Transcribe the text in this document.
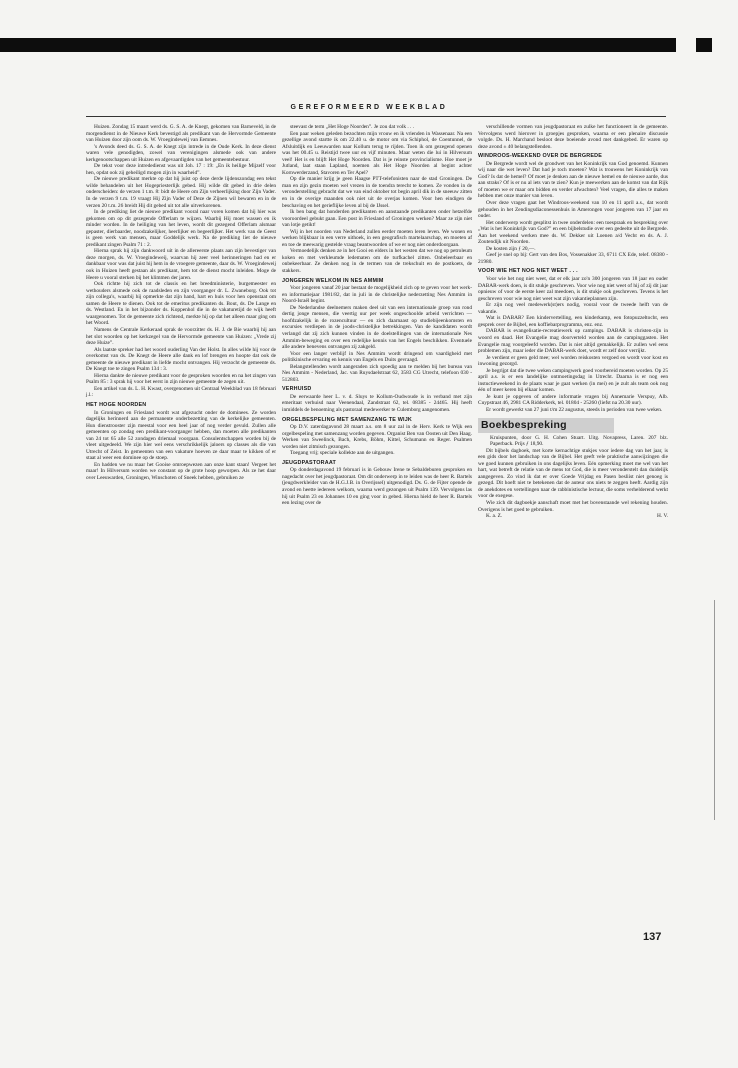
GEREFORMEERD WEEKBLAD

Huizen. Zondag 15 maart werd ds. G. S. A. de Knegt, gekomen van Barneveld, in de morgendienst in de Nieuwe Kerk bevestigd als predikant van de Hervormde Gemeente van Huizen door zijn oom ds. W. Vroegindeweij van Eemnes.

's Avonds deed ds. G. S. A. de Knegt zijn intrede in de Oude Kerk. In deze dienst waren vele genodigden, zowel van verenigingen alsmede ook van andere kerkgenootschappen uit Huizen en afgevaardigden van het gemeentebestuur.

De tekst voor deze intrededienst was uit Joh. 17 : 19: „En ik heilige Mijzelf voor hen, opdat ook zij geheiligd mogen zijn in waarheid”.

De nieuwe predikant merkte op dat hij juist op deze derde lijdenszondag een tekst wilde behandelen uit het Hogepriesterlijk gebed. Hij wilde dit gebed in drie delen onderscheiden: de verzen 1 t.m. 8: bidt de Heere om Zijn verheerlijking door Zijn Vader. In de verzen 9 t.m. 19 vraagt Hij Zijn Vader of Deze de Zijnen wil bewaren en in de verzen 20 t.m. 26 breidt Hij dit gebed uit tot alle uitverkorenen.

In de prediking liet de nieuwe predikant vooral naar voren komen dat hij hier was gekomen om op dit gezegende Offerlam te wijzen. Waarbij Hij moet wassen en ik minder worden. In de heiliging van het leven, wordt dit gezegend Offerlam alsmaar gepaster, dierbaarder, noodzakelijker, heerlijker en begeerlijker. Het werk van de Geest is geen werk van mensen, maar Goddelijk werk. Na de prediking liet de nieuwe predikant zingen Psalm 71 : 2.

Hierna sprak hij zijn dankwoord uit in de allereerste plaats aan zijn bevestiger van deze morgen, ds. W. Vroegindeweij, waarvan hij zeer veel herinneringen had en er dankbaar voor was dat juist hij hem in de vroegere gemeente, daar ds. W. Vroegindeweij ook in Huizen heeft gestaan als predikant, hem tot de dienst mocht inleiden. Moge de Heere u vooral sterken bij het klimmen der jaren.

Ook richtte hij zich tot de classis en het breedministerie, burgemeester en wethouders alsmede ook de raadsleden en zijn voorganger dr. L. Zwaneborg. Ook tot zijn collega's, waarbij hij opmerkte dat zijn hand, hart en huis voor hen openstaat om samen de Heere te dienen. Ook tot de emeritus predikanten ds. Bout, ds. De Lange en ds. Westland. En in het bijzonder ds. Koppenhol die in de vakaturetijd de wijk heeft waargenomen. Tot de gemeente zich richtend, merkte hij op dat het alleen maar ging om het Woord.

Namens de Centrale Kerkeraad sprak de voorzitter ds. H. J. de Bie waarbij hij aan het slot woorden op het kerkzegel van de Hervormde gemeente van Huizen: „Vrede zij deze Huize”.

Als laatste spreker had het woord ouderling Van der Holst. In alles wilde hij voor de overkomst van ds. De Knegt de Heere alle dank en lof brengen en hoopte dat ook de gemeente de nieuwe predikant in liefde mocht ontvangen. Hij verzocht de gemeente ds. De Knegt toe te zingen Psalm 134 : 3.

Hierna dankte de nieuwe predikant voor de gesproken woorden en na het zingen van Psalm 85 : 3 sprak hij voor het eerst in zijn nieuwe gemeente de zegen uit.

Een artikel van ds. L. H. Kwast, overgenomen uit Centraal Weekblad van 18 februari j.l.:

HET HOGE NOORDEN

In Groningen en Friesland wordt wat afgezucht onder de dominees. Ze worden dagelijks herinnerd aan de permanente onderbezetting van de kerkelijke gemeenten. Hun dienstrooster zijn meestal voor een heel jaar of nog verder gevuld. Zullen alle gemeenten op zondag een predikant-voorganger hebben, dan moeten alle predikanten van 24 tot 65 alle 52 zondagen driemaal voorgaan. Consulentschappen worden bij de vleet uitgedeeld. We zijn hier wel eens verschrikkelijk jaloers op classes als die van Utrecht of Zeist. In gemeenten van een vakature hoeven ze daar maar te kikken of er staat al weer een dominee op de stoep.

En hadden we nu maar het Gooise omroepwezen aan onze kant staan! Vergeet het maar! In Hilversum worden we constant op de grote hoop geworpen. Als ze het daar over Leeuwarden, Groningen, Winschoten of Sneek hebben, gebruiken ze

steevast de term „Het Hoge Noorden”. Je zou dat volk . . .

Een paar weken geleden bezochten mijn vrouw en ik vrienden in Wassenaar. Na een gezellige avond startte ik om 22.40 u. de motor om via Schiphol, de Coentunnel, de Afsluitdijk en Leeuwarden naar Kollum terug te rijden. Toen ik om gezegend openen was het 00.45 u. Reistijd twee uur en vijf minuten. Maar weten die lui in Hilversum veel! Het is en blijft Het Hoge Noorden. Dat is je reinste provincialisme. Hoe moet je Jutland, laat staan Lapland, noemen als Het Hoge Noorden al begint achter Kornwerderzand, Stavoren en Ter Apel?

Op die manier krijg je geen Haagse PTT-telefonisten naar de stad Groningen. De man en zijn gezin moeten wel vrezen in de toendra terecht te komen. Ze vonden in de veronderstelling gebracht dat we van eind oktober tot begin april dik in de sneeuw zitten en in de overige maanden ook niet uit de overjas komen. Voor hen eindigen de beschaving en het gerieflijke leven al bij de IJssel.

Ik ben bang dat honderden predikanten en aanstaande predikanten onder hetzelfde vooroordeel gebukt gaan. Een post in Friesland of Groningen werken? Maar ze zijn niet van lotje getikt!

Wij in het noorden van Nederland zullen eerder moeten leren leven. We wonen en werken blijkbaar in een verre uithoek, in een geografisch martelaarschap, en moeten af en toe de meewarig gestelde vraag beantwoorden of we er nog niet onderdoorgaan.

Vermoedelijk denken ze in het Gooi en elders in het westen dat we nog op petroleum koken en met verkleumde ledematen om de turfkachel zitten. Onbeleerbaar en onbekeerbaar. Ze denken nog in de termen van de trekschuit en de postkoets, de stakkers.

JONGEREN WELKOM IN NES AMMIM

Voor jongeren vanaf 20 jaar bestaat de mogelijkheid zich op te geven voor het werk- en informatiejaar 1981/82, dat in juli in de christelijke nederzetting Nes Ammim in Noord-Israël begint.

De Nederlandse deelnemers maken deel uit van een internationale groep van rond dertig jonge mensen, die veertig uur per week ongeschoolde arbeid verrichten — hoofdzakelijk in de rozencultuur — en zich daarnaast op studiebijeenkomsten en excursies verdiepen in de joods-christelijke betrekkingen. Van de kandidaten wordt verlangd dat zij zich kunnen vinden in de doelstellingen van de internationale Nes Ammim-beweging en over een redelijke kennis van het Engels beschikken. Eventuele alle andere benevens ontvangen zij zakgeld.

Voor een langer verblijf in Nes Ammim wordt dringend om vaardigheid met politikinische ervaring en kennis van Engels en Duits gevraagd.

Belangstellenden wordt aangeraden zich spoedig aan te melden bij het bureau van Nes Ammim - Nederland, Jac. van Ruysdaelstraat 62, 3583 CG Utrecht, telefoon 030 - 512803.

VERHUISD

De eerwaarde heer L. v. d. Sluys te Kollum-Oudwoude is in verband met zijn emeritaat verhuisd naar Veenendaal, Zandstraat 62, tel. 08385 - 24465. Hij heeft inmiddels de benoeming als pastoraal medewerker te Culemborg aangenomen.

ORGELBESPELING MET SAMENZANG TE WIJK

Op D.V. zaterdagavond 28 maart a.s. om 8 uur zal in de Herv. Kerk te Wijk een orgelbespeling met samenzang worden gegeven. Organist Ben van Oosten uit Den Haag. Werken van Sweelinck, Bach, Krebs, Böhm, Kittel, Schumann en Reger. Psalmen worden niet zitmisch gezongen.

Toegang vrij; speciale kollekte aan de uitgangen.

JEUGDPASTORAAT

Op donderdagavond 19 februari is in Gebouw Irene te Sebaldeburen gesproken en nagedacht over het jeugdpastoraat. Om dit onderwerp in te leiden was de heer R. Bartels (jeugdwerkleider van de H.G.J.B. in Overijssel) uitgenodigd. Ds. G. de Fijter opende de avond en heette iedereen welkom, waarna werd gezongen uit Psalm 139. Vervolgens las hij uit Psalm 23 en Johannes 10 en ging voor in gebed. Hierna hield de heer R. Bartels een lezing over de

verschillende vormen van jeugdpastoraat en zulke het functioneert in de gemeente. Vervolgens werd hierover in groepjes gesproken, waarna er een plenaire discussie volgde. Ds. H. Marchand besloot deze boeiende avond met dankgebed. Er waren op deze avond ± 40 belangstellenden.

WINDROOS-WEEKEND OVER DE BERGREDE

De Bergrede wordt wel de grondwet van het Koninkrijk van God genoemd. Kunnen wij naar die wet leven? Dat had je toch moeten? Wat is trouwens het Koninkrijk van God? Is dat de hemel? Of moet je denken aan de nieuwe hemel en de nieuwe aarde, dus aan straks? Of is er nu al iets van te zien? Kun je meewerken aan de komst van dat Rijk of moeten we er maar om bidden en verder afwachten? Veel vragen, die alles te maken hebben met onze manier van leven.

Over deze vragen gaat het Windroos-weekend van 10 en 11 april a.s., dat wordt gehouden in het Zendingsdiaconessenhuis in Amerongen voor jongeren van 17 jaar en ouder.

Het onderwerp wordt gesplitst in twee onderdelen: een toespraak en bespreking over „Wat is het Koninkrijk van God?” en een bijbelstudie over een gedeelte uit de Bergrede. Aan het weekend werken mee ds. W. Dekker uit Loenen a/d Vecht en ds. A. J. Zoutendijk uit Noorden.

De kosten zijn ƒ 20,—.

Geef je snel op bij: Gert van den Bos, Vossenakker 33, 6711 CX Ede, telef. 08380 - 21980.

VOOR WIE HET NOG NIET WEET . . .

Voor wie het nog niet weet, dat er elk jaar zo'n 300 jongeren van 18 jaar en ouder DABAR-werk doen, is dit stukje geschreven. Voor wie nog niet weet of hij of zij dit jaar opnieuw of voor de eerste keer zal meedoen, is dit stukje ook geschreven. Tevens is het geschreven voor wie nog niet weet wat zijn vakantieplannen zijn.

Er zijn nog veel medewerk(st)ers nodig, vooral voor de tweede helft van de vakantie.

Wat is DABAR? Een kindervertelling, een kinderkamp, een fotopuzzeltocht, een gesprek over de Bijbel, een koffiebarprogramma, enz. enz.

DABAR is evangelisatie-recreatiewerk op campings. DABAR is christen-zijn in woord en daad. Het Evangelie mag doorverteld worden aan de campinggasten. Het Evangelie mag voorgeleefd worden. Dat is niet altijd gemakkelijk. Er zullen wel eens problemen zijn, maar ieder die DABAR-werk doet, wordt er zelf door verrijkt.

Je verdient er geen geld mee; wel worden reiskosten vergoed en wordt voor kost en inwoning gezorgd.

Je begrijpt dat die twee weken campingwerk goed voorbereid moeten worden. Op 25 april a.s. is er een landelijke ontmoetingsdag in Utrecht. Daarna is er nog een instuctieweekend in de plaats waar je gaat werken (in mei) en je zult als team ook nog één of meer keren bij elkaar komen.

Je kunt je opgeven of andere informatie vragen bij Annemarie Verspuy, Alb. Cuypstraat 46, 2981 CA Ridderkerk, tel. 01804 - 25260 (liefst na 20.30 uur).

Er wordt gewerkt van 27 juni t/m 22 augustus, steeds in perioden van twee weken.

Boekbespreking

Kruispunten, door G. H. Cohen Stuart. Uitg. Novapress, Laren. 207 blz. Paperback. Prijs ƒ 18,90.

Dit bijbels dagboek, met korte kernachtige stukjes voor iedere dag van het jaar, is een gids door het landschap van de Bijbel. Het geeft vele praktische aanwijzingen die we goed kunnen gebruiken in ons dagelijks leven. Eén opmerking moet me wel van het hart, wat betreft de relatie van de mens tot God, die is meer veronderstelt dan duidelijk aangegeven. Zo vind ik dat er over Goede Vrijdag en Pasen besliist niet genoeg is gezegd. Dit hoeft niet te betekenen dat de auteur ons niets te zeggen heeft. Aardig zijn de anekdotes en vertellingen naar de rabbinistische lectuur, die soms verhelderend werkt voor de exegese.

Wie zich dit dagboekje aanschaft moet met het bovenstaande wel rekening houden. Overigens is het goed te gebruiken.

K. a. Z.	H. V.

137
